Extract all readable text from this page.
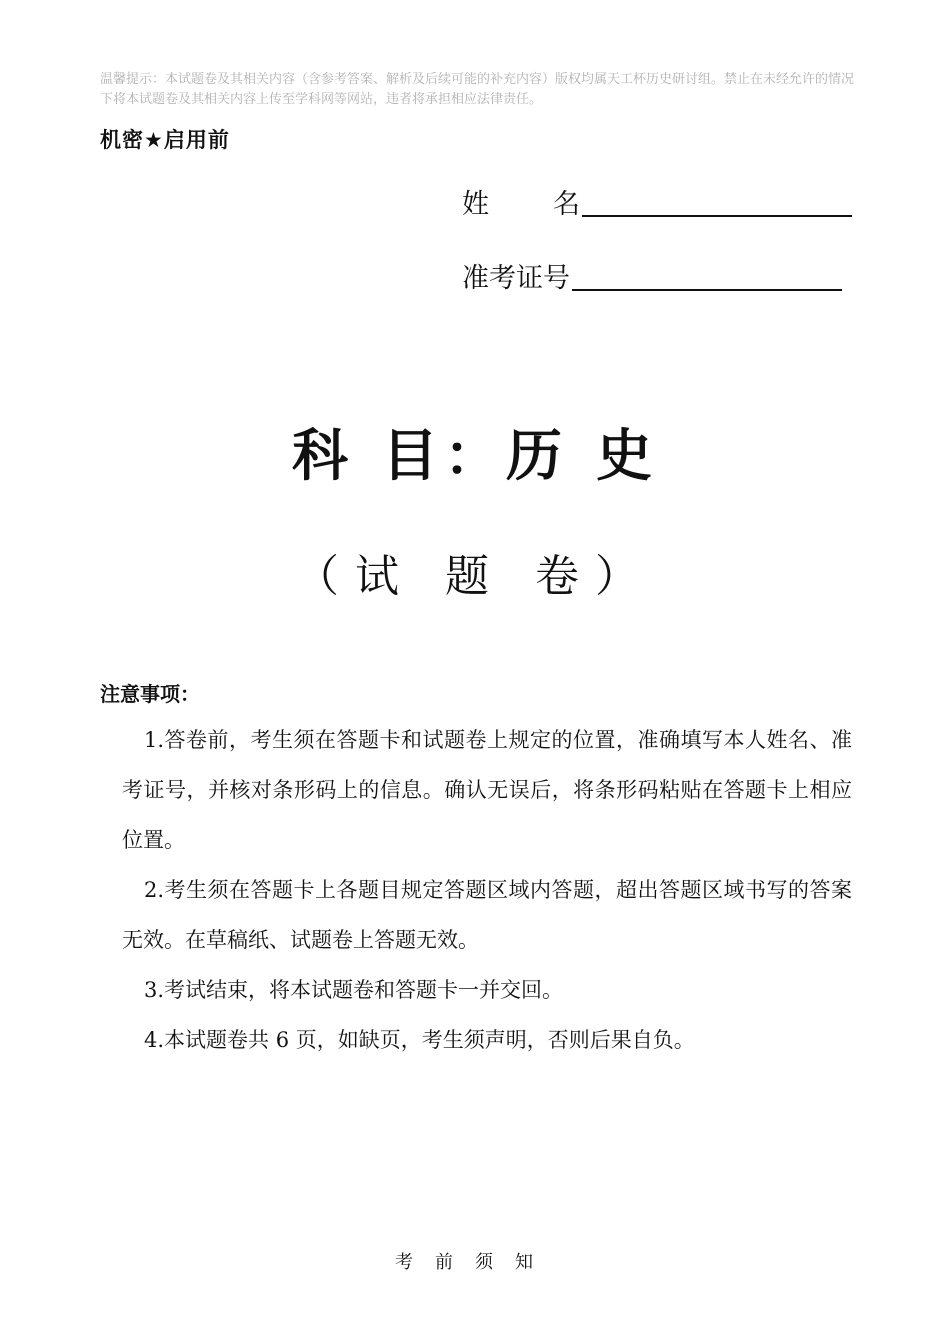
温馨提示：本试题卷及其相关内容（含参考答案、解析及后续可能的补充内容）版权均属天工杯历史研讨组。禁止在未经允许的情况下将本试题卷及其相关内容上传至学科网等网站，违者将承担相应法律责任。
机密★启用前
姓 名
准考证号
科 目：历 史
（试 题 卷）
注意事项：

1.答卷前，考生须在答题卡和试题卷上规定的位置，准确填写本人姓名、准考证号，并核对条形码上的信息。确认无误后，将条形码粘贴在答题卡上相应位置。

2.考生须在答题卡上各题目规定答题区域内答题，超出答题区域书写的答案无效。在草稿纸、试题卷上答题无效。

3.考试结束，将本试题卷和答题卡一并交回。

4.本试题卷共 6 页，如缺页，考生须声明，否则后果自负。

考前须知
